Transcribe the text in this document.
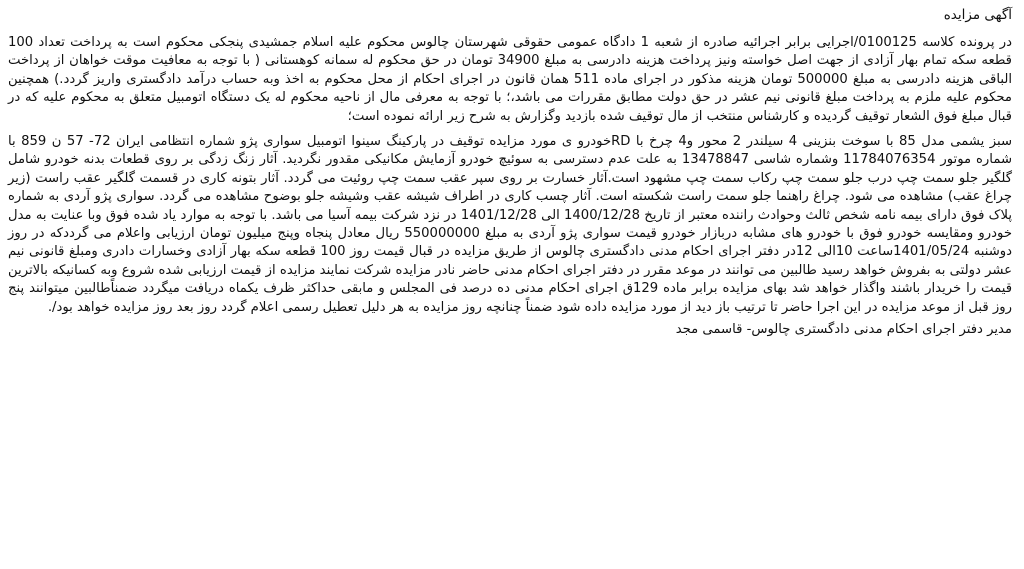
آگهی مزایده
در پرونده کلاسه 0100125/اجرایی برابر اجرائیه صادره از شعبه 1 دادگاه عمومی حقوقی شهرستان چالوس محکوم علیه اسلام جمشیدی پنجکی محکوم است به پرداخت تعداد 100 قطعه سکه تمام بهار آزادی از جهت اصل خواسته ونیز پرداخت هزینه دادرسی به مبلغ 34900 تومان در حق محکوم له سمانه کوهستانی ( با توجه به معافیت موقت خواهان از پرداخت الباقی هزینه دادرسی به مبلغ 500000 تومان هزینه مذکور در اجرای ماده 511 همان قانون در اجرای احکام از محل محکوم به اخذ وبه حساب درآمد دادگستری واریز گردد.) همچنین محکوم علیه ملزم به پرداخت مبلغ قانونی نیم عشر در حق دولت مطابق مقررات می باشد،؛ با توجه به معرفی مال از ناحیه محکوم له یک دستگاه اتومبیل متعلق به محکوم علیه که در قبال مبلغ فوق الشعار توقیف گردیده و کارشناس منتخب از مال توقیف شده بازدید وگزارش به شرح زیر ارائه نموده است؛
سبز یشمی مدل 85 با سوخت بنزینی 4 سیلندر 2 محور و4 چرخ با RDخودرو ی مورد مزایده توقیف در پارکینگ سینوا اتومبیل سواری پژو شماره انتظامی ایران 72- 57 ن 859 با شماره موتور 11784076354 وشماره شاسی 13478847 به علت عدم دسترسی به سوئیچ خودرو آزمایش مکانیکی مقدور نگردید. آثار زنگ زدگی بر روی قطعات بدنه خودرو شامل گلگیر جلو سمت چپ درب جلو سمت چپ رکاب سمت چپ مشهود است.آثار خسارت بر روی سپر عقب سمت چپ روئیت می گردد. آثار بتونه کاری در قسمت گلگیر عقب راست (زیر چراغ عقب) مشاهده می شود. چراغ راهنما جلو سمت راست شکسته است. آثار چسب کاری در اطراف شیشه عقب وشیشه جلو بوضوح مشاهده می گردد. سواری پژو آردی به شماره پلاک فوق دارای بیمه نامه شخص ثالث وحوادث راننده معتبر از تاریخ 1400/12/28 الی 1401/12/28 در نزد شرکت بیمه آسیا می باشد. با توجه به موارد یاد شده فوق وبا عنایت به مدل خودرو ومقایسه خودرو فوق با خودرو های مشابه دربازار خودرو قیمت سواری پژو آردی به مبلغ 550000000 ریال معادل پنجاه وپنج میلیون تومان ارزیابی واعلام می گرددکه در روز دوشنبه 1401/05/24ساعت 10الی 12در دفتر اجرای احکام مدنی دادگستری چالوس از طریق مزایده در قبال قیمت روز 100 قطعه سکه بهار آزادی وخسارات دادری ومبلغ قانونی نیم عشر دولتی به بفروش خواهد رسید طالبین می توانند در موعد مقرر در دفتر اجرای احکام مدنی حاضر نادر مزایده شرکت نمایند مزایده از قیمت ارزیابی شده شروع وبه کسانیکه بالاترین قیمت را خریدار باشند واگذار خواهد شد بهای مزایده برابر ماده 129ق اجرای احکام مدنی ده درصد فی المجلس و مابقی حداکثر ظرف یکماه دریافت میگردد ضمناًطالبین میتوانند پنج روز قبل از موعد مزایده در این اجرا حاضر تا ترتیب باز دید از مورد مزایده داده شود ضمناً چنانچه روز مزایده به هر دلیل تعطیل رسمی اعلام گردد روز بعد روز مزایده خواهد بود/.
مدیر دفتر اجرای احکام مدنی دادگستری چالوس- قاسمی مجد
